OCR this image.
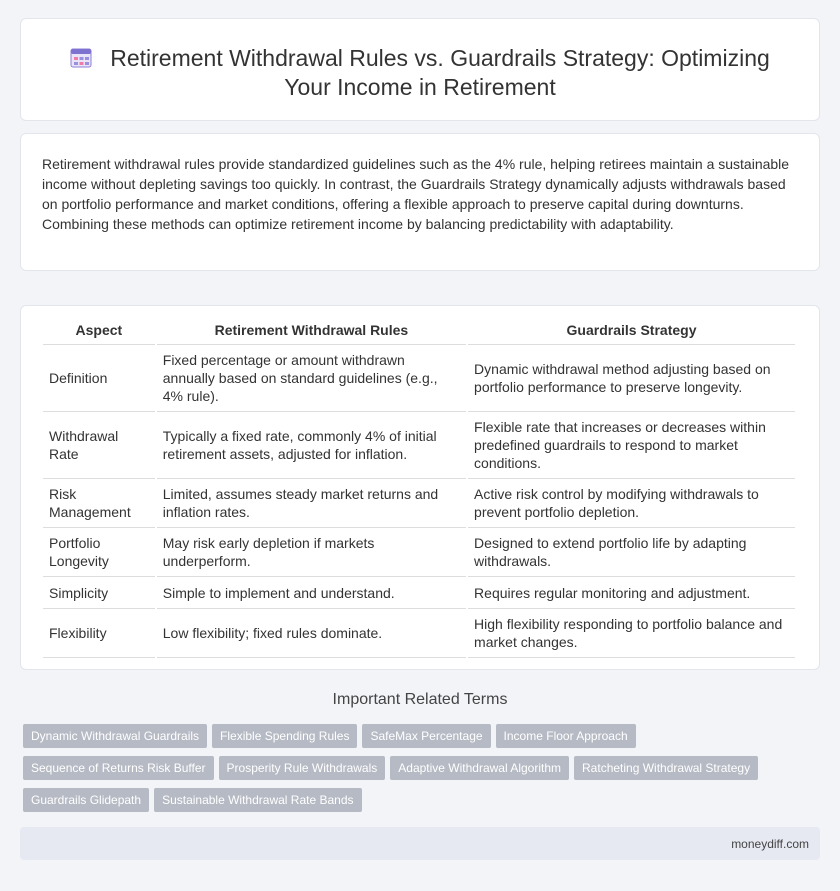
Retirement Withdrawal Rules vs. Guardrails Strategy: Optimizing
Your Income in Retirement

Retirement withdrawal rules provide standardized guidelines such as the 4% rule, helping retirees maintain a sustainable income without depleting savings too quickly. In contrast, the Guardrails Strategy dynamically adjusts withdrawals based on portfolio performance and market conditions, offering a flexible approach to preserve capital during downturns. Combining these methods can optimize retirement income by balancing predictability with adaptability.

Aspect	Retirement Withdrawal Rules	Guardrails Strategy
Definition	Fixed percentage or amount withdrawn annually based on standard guidelines (e.g., 4% rule).	Dynamic withdrawal method adjusting based on portfolio performance to preserve longevity.
Withdrawal Rate	Typically a fixed rate, commonly 4% of initial retirement assets, adjusted for inflation.	Flexible rate that increases or decreases within predefined guardrails to respond to market conditions.
Risk Management	Limited, assumes steady market returns and inflation rates.	Active risk control by modifying withdrawals to prevent portfolio depletion.
Portfolio Longevity	May risk early depletion if markets underperform.	Designed to extend portfolio life by adapting withdrawals.
Simplicity	Simple to implement and understand.	Requires regular monitoring and adjustment.
Flexibility	Low flexibility; fixed rules dominate.	High flexibility responding to portfolio balance and market changes.
Important Related Terms
Dynamic Withdrawal Guardrails Flexible Spending Rules SafeMax Percentage Income Floor Approach
Sequence of Returns Risk Buffer Prosperity Rule Withdrawals Adaptive Withdrawal Algorithm Ratcheting Withdrawal Strategy
Guardrails Glidepath Sustainable Withdrawal Rate Bands
moneydiff.com
